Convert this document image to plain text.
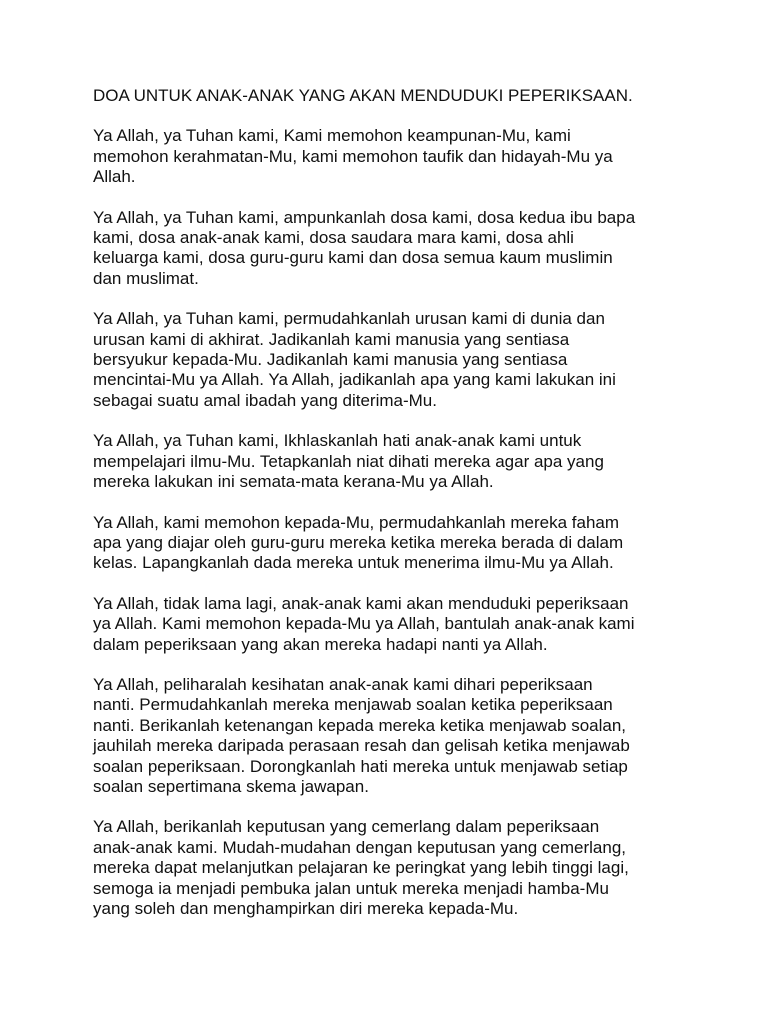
DOA UNTUK ANAK-ANAK YANG AKAN MENDUDUKI PEPERIKSAAN.

Ya Allah, ya Tuhan kami, Kami memohon keampunan-Mu, kami
memohon kerahmatan-Mu, kami memohon taufik dan hidayah-Mu ya
Allah.

Ya Allah, ya Tuhan kami, ampunkanlah dosa kami, dosa kedua ibu bapa
kami, dosa anak-anak kami, dosa saudara mara kami, dosa ahli
keluarga kami, dosa guru-guru kami dan dosa semua kaum muslimin
dan muslimat.

Ya Allah, ya Tuhan kami, permudahkanlah urusan kami di dunia dan
urusan kami di akhirat. Jadikanlah kami manusia yang sentiasa
bersyukur kepada-Mu. Jadikanlah kami manusia yang sentiasa
mencintai-Mu ya Allah. Ya Allah, jadikanlah apa yang kami lakukan ini
sebagai suatu amal ibadah yang diterima-Mu.

Ya Allah, ya Tuhan kami, Ikhlaskanlah hati anak-anak kami untuk
mempelajari ilmu-Mu. Tetapkanlah niat dihati mereka agar apa yang
mereka lakukan ini semata-mata kerana-Mu ya Allah.

Ya Allah, kami memohon kepada-Mu, permudahkanlah mereka faham
apa yang diajar oleh guru-guru mereka ketika mereka berada di dalam
kelas. Lapangkanlah dada mereka untuk menerima ilmu-Mu ya Allah.

Ya Allah, tidak lama lagi, anak-anak kami akan menduduki peperiksaan
ya Allah. Kami memohon kepada-Mu ya Allah, bantulah anak-anak kami
dalam peperiksaan yang akan mereka hadapi nanti ya Allah.

Ya Allah, peliharalah kesihatan anak-anak kami dihari peperiksaan
nanti. Permudahkanlah mereka menjawab soalan ketika peperiksaan
nanti. Berikanlah ketenangan kepada mereka ketika menjawab soalan,
jauhilah mereka daripada perasaan resah dan gelisah ketika menjawab
soalan peperiksaan. Dorongkanlah hati mereka untuk menjawab setiap
soalan sepertimana skema jawapan.

Ya Allah, berikanlah keputusan yang cemerlang dalam peperiksaan
anak-anak kami. Mudah-mudahan dengan keputusan yang cemerlang,
mereka dapat melanjutkan pelajaran ke peringkat yang lebih tinggi lagi,
semoga ia menjadi pembuka jalan untuk mereka menjadi hamba-Mu
yang soleh dan menghampirkan diri mereka kepada-Mu.
